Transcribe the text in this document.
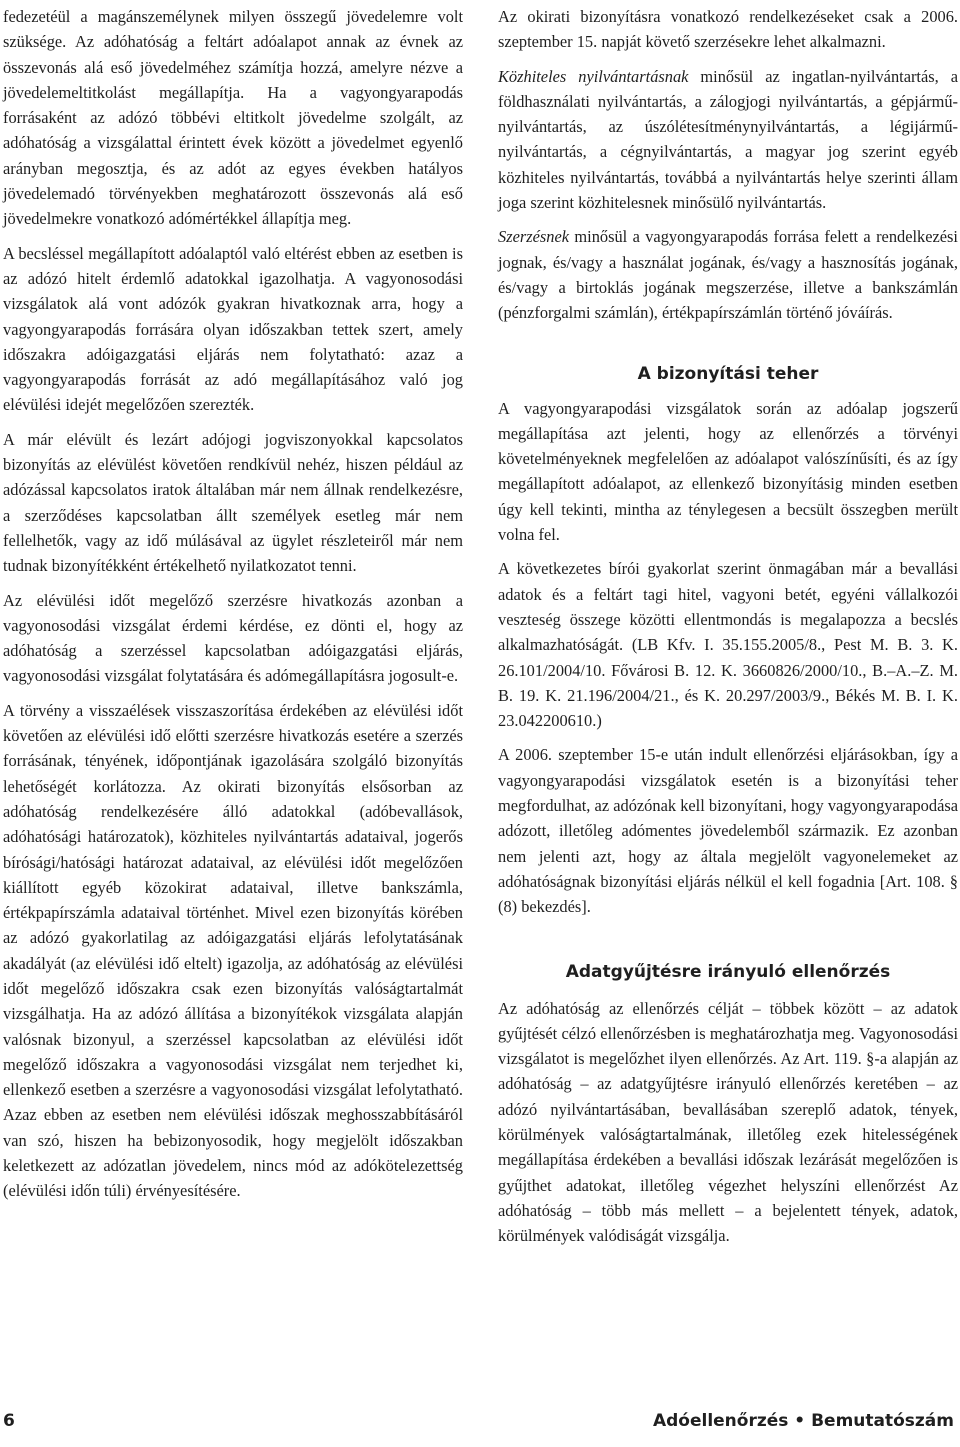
fedezetéül a magánszemélynek milyen összegű jövedelemre volt szüksége. Az adóhatóság a feltárt adóalapot annak az évnek az összevonás alá eső jövedelméhez számítja hozzá, amelyre nézve a jövedelemeltitkolást megállapítja. Ha a vagyongyarapodás forrásaként az adózó többévi eltitkolt jövedelme szolgált, az adóhatóság a vizsgálattal érintett évek között a jövedelmet egyenlő arányban megosztja, és az adót az egyes években hatályos jövedelemadó törvényekben meghatározott összevonás alá eső jövedelmekre vonatkozó adómértékkel állapítja meg.

A becsléssel megállapított adóalaptól való eltérést ebben az esetben is az adózó hitelt érdemlő adatokkal igazolhatja. A vagyonosodási vizsgálatok alá vont adózók gyakran hivatkoznak arra, hogy a vagyongyarapodás forrására olyan időszakban tettek szert, amely időszakra adóigazgatási eljárás nem folytatható: azaz a vagyongyarapodás forrását az adó megállapításához való jog elévülési idejét megelőzően szerezték.

A már elévült és lezárt adójogi jogviszonyokkal kapcsolatos bizonyítás az elévülést követően rendkívül nehéz, hiszen például az adózással kapcsolatos iratok általában már nem állnak rendelkezésre, a szerződéses kapcsolatban állt személyek esetleg már nem fellelhetők, vagy az idő múlásával az ügylet részleteiről már nem tudnak bizonyítékként értékelhető nyilatkozatot tenni.

Az elévülési időt megelőző szerzésre hivatkozás azonban a vagyonosodási vizsgálat érdemi kérdése, ez dönti el, hogy az adóhatóság a szerzéssel kapcsolatban adóigazgatási eljárás, vagyonosodási vizsgálat folytatására és adómegállapításra jogosult-e.

A törvény a visszaélések visszaszorítása érdekében az elévülési időt követően az elévülési idő előtti szerzésre hivatkozás esetére a szerzés forrásának, tényének, időpontjának igazolására szolgáló bizonyítás lehetőségét korlátozza. Az okirati bizonyítás elsősorban az adóhatóság rendelkezésére álló adatokkal (adóbevallások, adóhatósági határozatok), közhiteles nyilvántartás adataival, jogerős bírósági/hatósági határozat adataival, az elévülési időt megelőzően kiállított egyéb közokirat adataival, illetve bankszámla, értékpapírszámla adataival történhet. Mivel ezen bizonyítás körében az adózó gyakorlatilag az adóigazgatási eljárás lefolytatásának akadályát (az elévülési idő eltelt) igazolja, az adóhatóság az elévülési időt megelőző időszakra csak ezen bizonyítás valóságtartalmát vizsgálhatja. Ha az adózó állítása a bizonyítékok vizsgálata alapján valósnak bizonyul, a szerzéssel kapcsolatban az elévülési időt megelőző időszakra a vagyonosodási vizsgálat nem terjedhet ki, ellenkező esetben a szerzésre a vagyonosodási vizsgálat lefolytatható. Azaz ebben az esetben nem elévülési időszak meghosszabbításáról van szó, hiszen ha bebizonyosodik, hogy megjelölt időszakban keletkezett az adózatlan jövedelem, nincs mód az adókötelezettség (elévülési időn túli) érvényesítésére.

Az okirati bizonyításra vonatkozó rendelkezéseket csak a 2006. szeptember 15. napját követő szerzésekre lehet alkalmazni.

Közhiteles nyilvántartásnak minősül az ingatlan-nyilvántartás, a földhasználati nyilvántartás, a zálogjogi nyilvántartás, a gépjármű-nyilvántartás, az úszólétesítménynyilvántartás, a légijármű-nyilvántartás, a cégnyilvántartás, a magyar jog szerint egyéb közhiteles nyilvántartás, továbbá a nyilvántartás helye szerinti állam joga szerint közhitelesnek minősülő nyilvántartás.

Szerzésnek minősül a vagyongyarapodás forrása felett a rendelkezési jognak, és/vagy a használat jogának, és/vagy a hasznosítás jogának, és/vagy a birtoklás jogának megszerzése, illetve a bankszámlán (pénzforgalmi számlán), értékpapírszámlán történő jóváírás.

A bizonyítási teher

A vagyongyarapodási vizsgálatok során az adóalap jogszerű megállapítása azt jelenti, hogy az ellenőrzés a törvényi követelményeknek megfelelően az adóalapot valószínűsíti, és az így megállapított adóalapot, az ellenkező bizonyításig minden esetben úgy kell tekinti, mintha az ténylegesen a becsült összegben merült volna fel.

A következetes bírói gyakorlat szerint önmagában már a bevallási adatok és a feltárt tagi hitel, vagyoni betét, egyéni vállalkozói veszteség összege közötti ellentmondás is megalapozza a becslés alkalmazhatóságát. (LB Kfv. I. 35.155.2005/8., Pest M. B. 3. K. 26.101/2004/10. Fővárosi B. 12. K. 3660826/2000/10., B.–A.–Z. M. B. 19. K. 21.196/2004/21., és K. 20.297/2003/9., Békés M. B. I. K. 23.042200610.)

A 2006. szeptember 15-e után indult ellenőrzési eljárásokban, így a vagyongyarapodási vizsgálatok esetén is a bizonyítási teher megfordulhat, az adózónak kell bizonyítani, hogy vagyongyarapodása adózott, illetőleg adómentes jövedelemből származik. Ez azonban nem jelenti azt, hogy az általa megjelölt vagyonelemeket az adóhatóságnak bizonyítási eljárás nélkül el kell fogadnia [Art. 108. § (8) bekezdés].

Adatgyűjtésre irányuló ellenőrzés

Az adóhatóság az ellenőrzés célját – többek között – az adatok gyűjtését célzó ellenőrzésben is meghatározhatja meg. Vagyonosodási vizsgálatot is megelőzhet ilyen ellenőrzés. Az Art. 119. §-a alapján az adóhatóság – az adatgyűjtésre irányuló ellenőrzés keretében – az adózó nyilvántartásában, bevallásában szereplő adatok, tények, körülmények valóságtartalmának, illetőleg ezek hitelességének megállapítása érdekében a bevallási időszak lezárását megelőzően is gyűjthet adatokat, illetőleg végezhet helyszíni ellenőrzést Az adóhatóság – több más mellett – a bejelentett tények, adatok, körülmények valódiságát vizsgálja.

6	Adóellenőrzés • Bemutatószám
